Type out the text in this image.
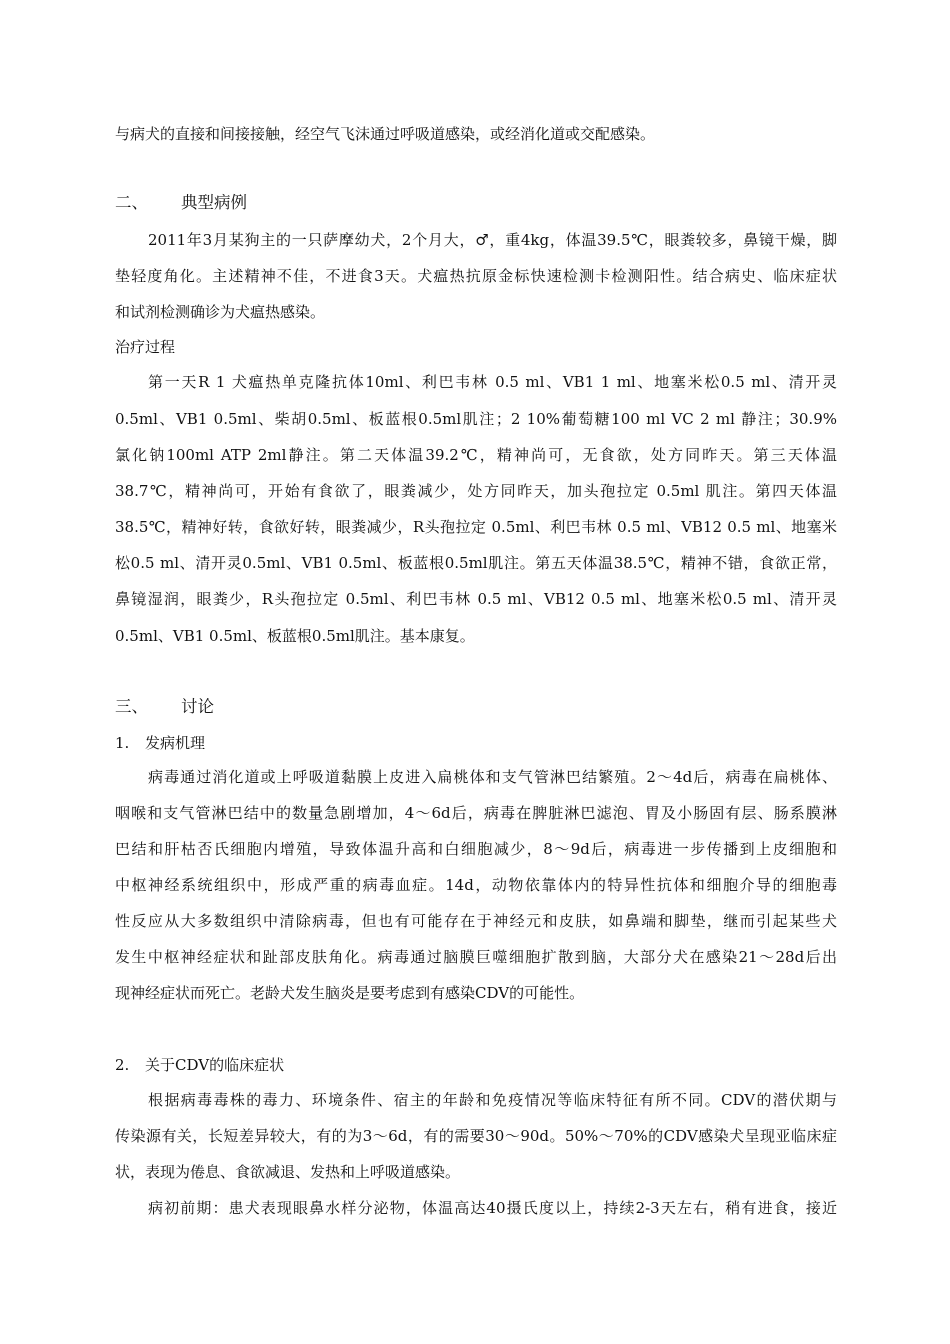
与病犬的直接和间接接触，经空气飞沫通过呼吸道感染，或经消化道或交配感染。
二、 典型病例
2011年3月某狗主的一只萨摩幼犬，2个月大，♂，重4kg，体温39.5℃，眼粪较多，鼻镜干燥，脚
垫轻度角化。主述精神不佳，不进食3天。犬瘟热抗原金标快速检测卡检测阳性。结合病史、临床症状
和试剂检测确诊为犬瘟热感染。
治疗过程
第一天R 1 犬瘟热单克隆抗体10ml、利巴韦林 0.5 ml、VB1 1 ml、地塞米松0.5 ml、清开灵
0.5ml、VB1 0.5ml、柴胡0.5ml、板蓝根0.5ml肌注；2 10%葡萄糖100 ml VC 2 ml 静注；30.9%
氯化钠100ml ATP 2ml静注。第二天体温39.2℃，精神尚可，无食欲，处方同昨天。第三天体温
38.7℃，精神尚可，开始有食欲了，眼粪减少，处方同昨天，加头孢拉定 0.5ml 肌注。第四天体温
38.5℃，精神好转，食欲好转，眼粪减少，R头孢拉定 0.5ml、利巴韦林 0.5 ml、VB12 0.5 ml、地塞米
松0.5 ml、清开灵0.5ml、VB1 0.5ml、板蓝根0.5ml肌注。第五天体温38.5℃，精神不错，食欲正常，
鼻镜湿润，眼粪少，R头孢拉定 0.5ml、利巴韦林 0.5 ml、VB12 0.5 ml、地塞米松0.5 ml、清开灵
0.5ml、VB1 0.5ml、板蓝根0.5ml肌注。基本康复。
三、 讨论
1. 发病机理
病毒通过消化道或上呼吸道黏膜上皮进入扁桃体和支气管淋巴结繁殖。2～4d后，病毒在扁桃体、
咽喉和支气管淋巴结中的数量急剧增加，4～6d后，病毒在脾脏淋巴滤泡、胃及小肠固有层、肠系膜淋
巴结和肝枯否氏细胞内增殖，导致体温升高和白细胞减少，8～9d后，病毒进一步传播到上皮细胞和
中枢神经系统组织中，形成严重的病毒血症。14d，动物依靠体内的特异性抗体和细胞介导的细胞毒
性反应从大多数组织中清除病毒，但也有可能存在于神经元和皮肤，如鼻端和脚垫，继而引起某些犬
发生中枢神经症状和趾部皮肤角化。病毒通过脑膜巨噬细胞扩散到脑，大部分犬在感染21～28d后出
现神经症状而死亡。老龄犬发生脑炎是要考虑到有感染CDV的可能性。
2. 关于CDV的临床症状
根据病毒毒株的毒力、环境条件、宿主的年龄和免疫情况等临床特征有所不同。CDV的潜伏期与
传染源有关，长短差异较大，有的为3～6d，有的需要30～90d。50%～70%的CDV感染犬呈现亚临床症
状，表现为倦息、食欲减退、发热和上呼吸道感染。
病初前期：患犬表现眼鼻水样分泌物，体温高达40摄氏度以上，持续2-3天左右，稍有进食，接近
